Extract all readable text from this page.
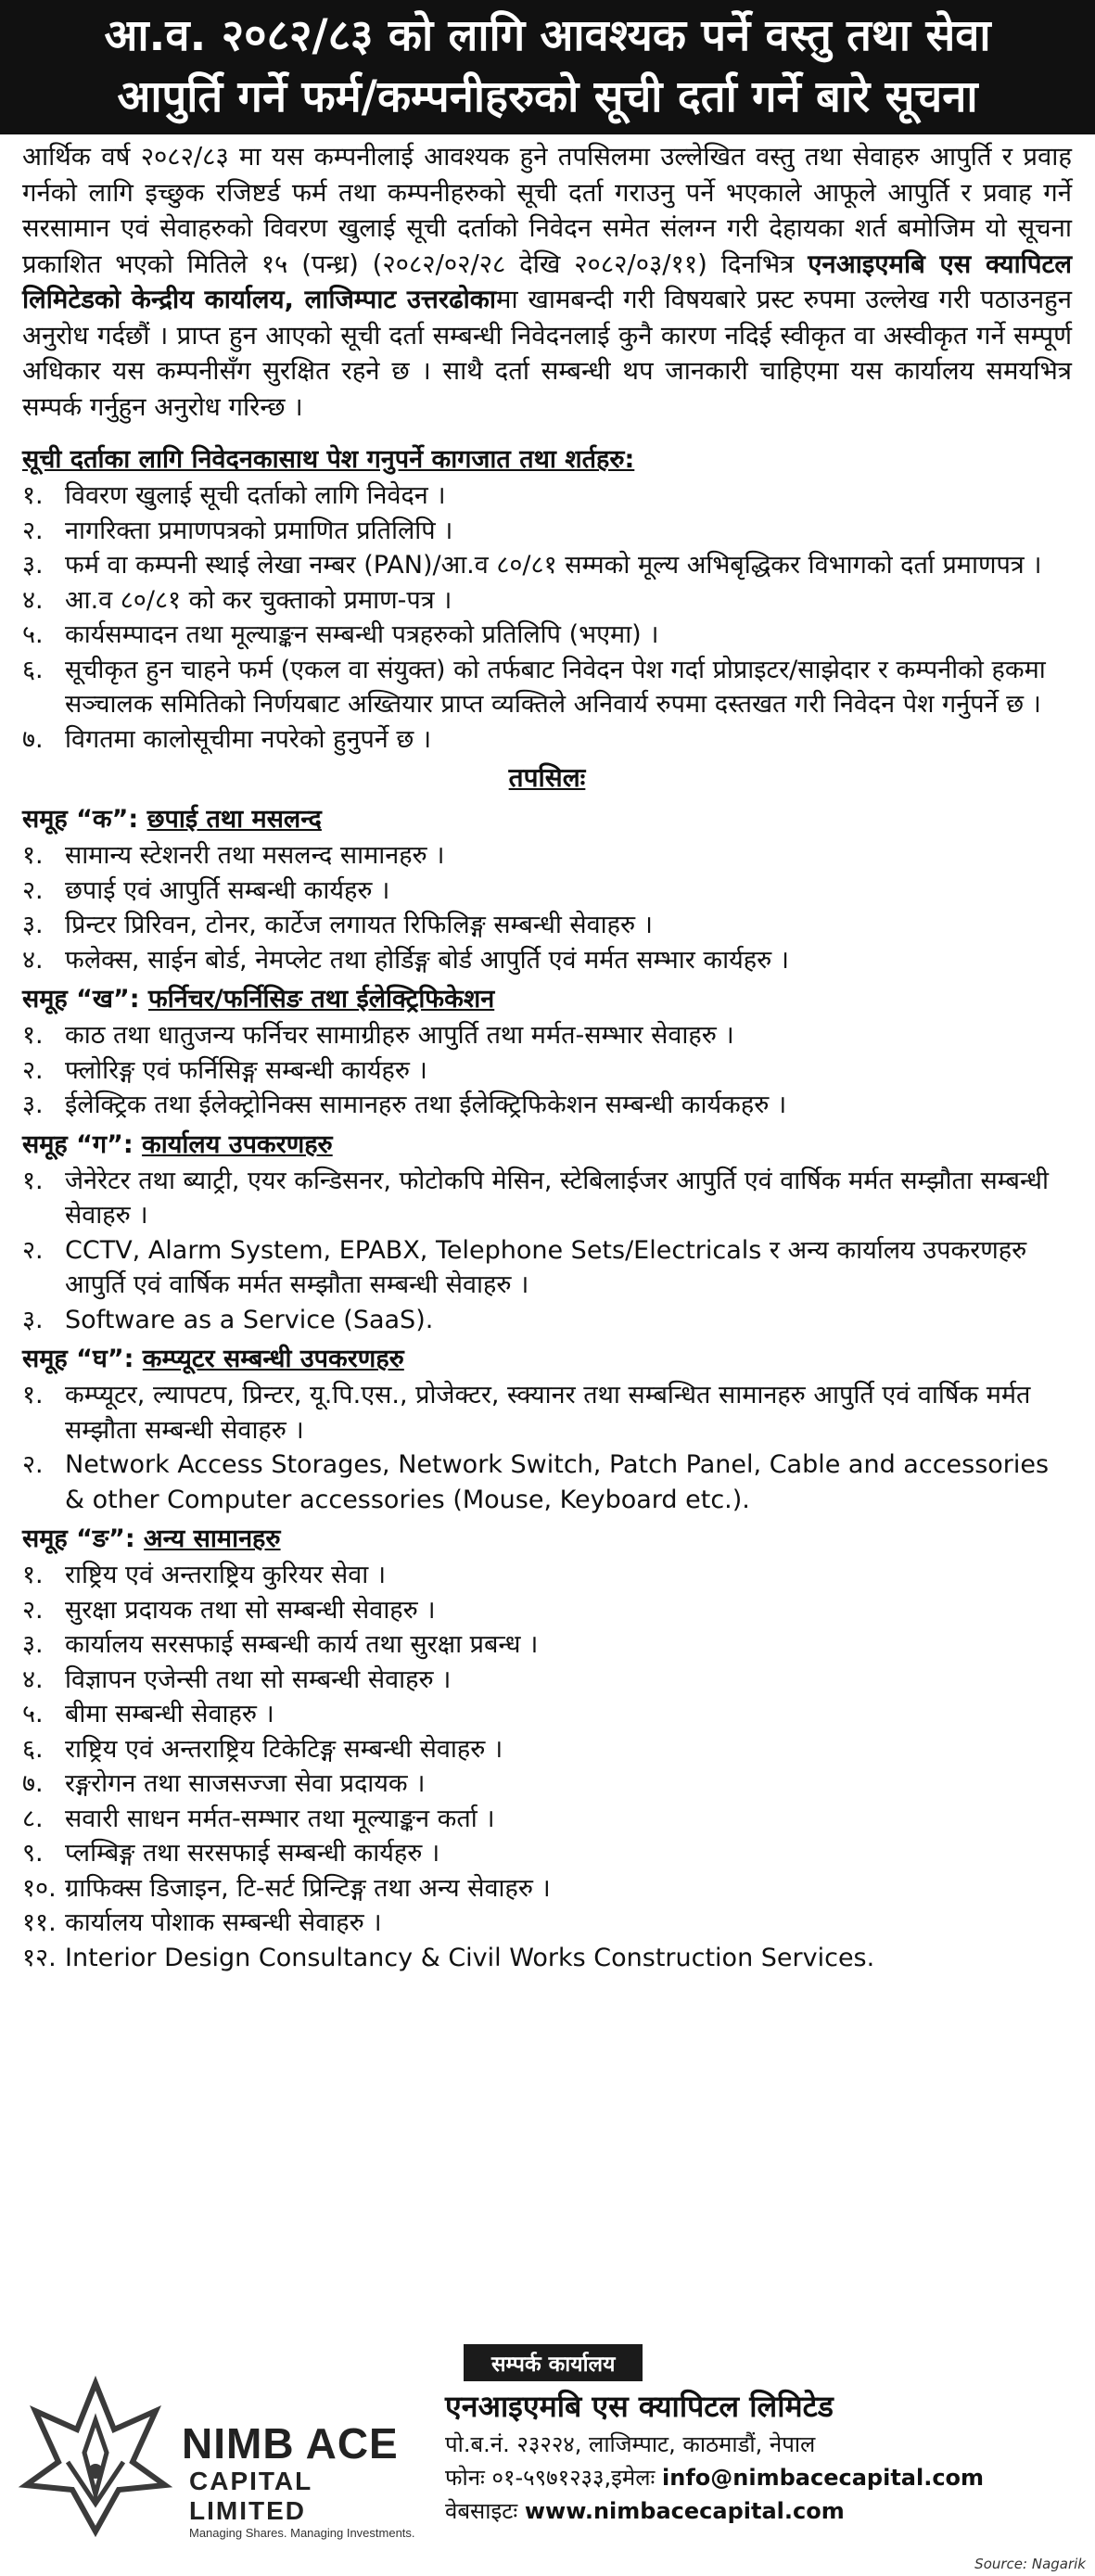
आ.व. २०८२/८३ को लागि आवश्यक पर्ने वस्तु तथा सेवा
आपुर्ति गर्ने फर्म/कम्पनीहरुको सूची दर्ता गर्ने बारे सूचना

आर्थिक वर्ष २०८२/८३ मा यस कम्पनीलाई आवश्यक हुने तपसिलमा उल्लेखित वस्तु तथा सेवाहरु आपुर्ति र प्रवाह गर्नको लागि इच्छुक रजिष्टर्ड फर्म तथा कम्पनीहरुको सूची दर्ता गराउनु पर्ने भएकाले आफूले आपुर्ति र प्रवाह गर्ने सरसामान एवं सेवाहरुको विवरण खुलाई सूची दर्ताको निवेदन समेत संलग्न गरी देहायका शर्त बमोजिम यो सूचना प्रकाशित भएको मितिले १५ (पन्ध्र) (२०८२/०२/२८ देखि २०८२/०३/११) दिनभित्र एनआइएमबि एस क्यापिटल लिमिटेडको केन्द्रीय कार्यालय, लाजिम्पाट उत्तरढोकामा खामबन्दी गरी विषयबारे प्रस्ट रुपमा उल्लेख गरी पठाउनहुन अनुरोध गर्दछौं । प्राप्त हुन आएको सूची दर्ता सम्बन्धी निवेदनलाई कुनै कारण नदिई स्वीकृत वा अस्वीकृत गर्ने सम्पूर्ण अधिकार यस कम्पनीसँग सुरक्षित रहने छ । साथै दर्ता सम्बन्धी थप जानकारी चाहिएमा यस कार्यालय समयभित्र सम्पर्क गर्नुहुन अनुरोध गरिन्छ ।

सूची दर्ताका लागि निवेदनकासाथ पेश गनुपर्ने कागजात तथा शर्तहरु:
१. विवरण खुलाई सूची दर्ताको लागि निवेदन ।
२. नागरिक्ता प्रमाणपत्रको प्रमाणित प्रतिलिपि ।
३. फर्म वा कम्पनी स्थाई लेखा नम्बर (PAN)/आ.व ८०/८१ सम्मको मूल्य अभिबृद्धिकर विभागको दर्ता प्रमाणपत्र ।
४. आ.व ८०/८१ को कर चुक्ताको प्रमाण-पत्र ।
५. कार्यसम्पादन तथा मूल्याङ्कन सम्बन्धी पत्रहरुको प्रतिलिपि (भएमा) ।
६. सूचीकृत हुन चाहने फर्म (एकल वा संयुक्त) को तर्फबाट निवेदन पेश गर्दा प्रोप्राइटर/साझेदार र कम्पनीको हकमा सञ्चालक समितिको निर्णयबाट अख्तियार प्राप्त व्यक्तिले अनिवार्य रुपमा दस्तखत गरी निवेदन पेश गर्नुपर्ने छ ।
७. विगतमा कालोसूचीमा नपरेको हुनुपर्ने छ ।
तपसिलः
समूह “क”: छपाई तथा मसलन्द
१. सामान्य स्टेशनरी तथा मसलन्द सामानहरु ।
२. छपाई एवं आपुर्ति सम्बन्धी कार्यहरु ।
३. प्रिन्टर प्रिरिवन, टोनर, कार्टेज लगायत रिफिलिङ्ग सम्बन्धी सेवाहरु ।
४. फलेक्स, साईन बोर्ड, नेमप्लेट तथा होर्डिङ्ग बोर्ड आपुर्ति एवं मर्मत सम्भार कार्यहरु ।
समूह “ख”: फर्निचर/फर्निसिङ तथा ईलेक्ट्रिफिकेशन
१. काठ तथा धातुजन्य फर्निचर सामाग्रीहरु आपुर्ति तथा मर्मत-सम्भार सेवाहरु ।
२. फ्लोरिङ्ग एवं फर्निसिङ्ग सम्बन्धी कार्यहरु ।
३. ईलेक्ट्रिक तथा ईलेक्ट्रोनिक्स सामानहरु तथा ईलेक्ट्रिफिकेशन सम्बन्धी कार्यकहरु ।
समूह “ग”: कार्यालय उपकरणहरु
१. जेनेरेटर तथा ब्याट्री, एयर कन्डिसनर, फोटोकपि मेसिन, स्टेबिलाईजर आपुर्ति एवं वार्षिक मर्मत सम्झौता सम्बन्धी सेवाहरु ।
२. CCTV, Alarm System, EPABX, Telephone Sets/Electricals र अन्य कार्यालय उपकरणहरु आपुर्ति एवं वार्षिक मर्मत सम्झौता सम्बन्धी सेवाहरु ।
३. Software as a Service (SaaS).
समूह “घ”: कम्प्यूटर सम्बन्धी उपकरणहरु
१. कम्प्यूटर, ल्यापटप, प्रिन्टर, यू.पि.एस., प्रोजेक्टर, स्क्यानर तथा सम्बन्धित सामानहरु आपुर्ति एवं वार्षिक मर्मत सम्झौता सम्बन्धी सेवाहरु ।
२. Network Access Storages, Network Switch, Patch Panel, Cable and accessories & other Computer accessories (Mouse, Keyboard etc.).
समूह “ङ”: अन्य सामानहरु
१. राष्ट्रिय एवं अन्तराष्ट्रिय कुरियर सेवा ।
२. सुरक्षा प्रदायक तथा सो सम्बन्धी सेवाहरु ।
३. कार्यालय सरसफाई सम्बन्धी कार्य तथा सुरक्षा प्रबन्ध ।
४. विज्ञापन एजेन्सी तथा सो सम्बन्धी सेवाहरु ।
५. बीमा सम्बन्धी सेवाहरु ।
६. राष्ट्रिय एवं अन्तराष्ट्रिय टिकेटिङ्ग सम्बन्धी सेवाहरु ।
७. रङ्गरोगन तथा साजसज्जा सेवा प्रदायक ।
८. सवारी साधन मर्मत-सम्भार तथा मूल्याङ्कन कर्ता ।
९. प्लम्बिङ्ग तथा सरसफाई सम्बन्धी कार्यहरु ।
१०. ग्राफिक्स डिजाइन, टि-सर्ट प्रिन्टिङ्ग तथा अन्य सेवाहरु ।
११. कार्यालय पोशाक सम्बन्धी सेवाहरु ।
१२. Interior Design Consultancy & Civil Works Construction Services.
NIMB ACE
CAPITAL LIMITED
Managing Shares. Managing Investments.
सम्पर्क कार्यालय
एनआइएमबि एस क्यापिटल लिमिटेड
पो.ब.नं. २३२२४, लाजिम्पाट, काठमाडौं, नेपाल
फोनः ०१-५९७१२३३,इमेलः info@nimbacecapital.com
वेबसाइटः www.nimbacecapital.com
Source: Nagarik
